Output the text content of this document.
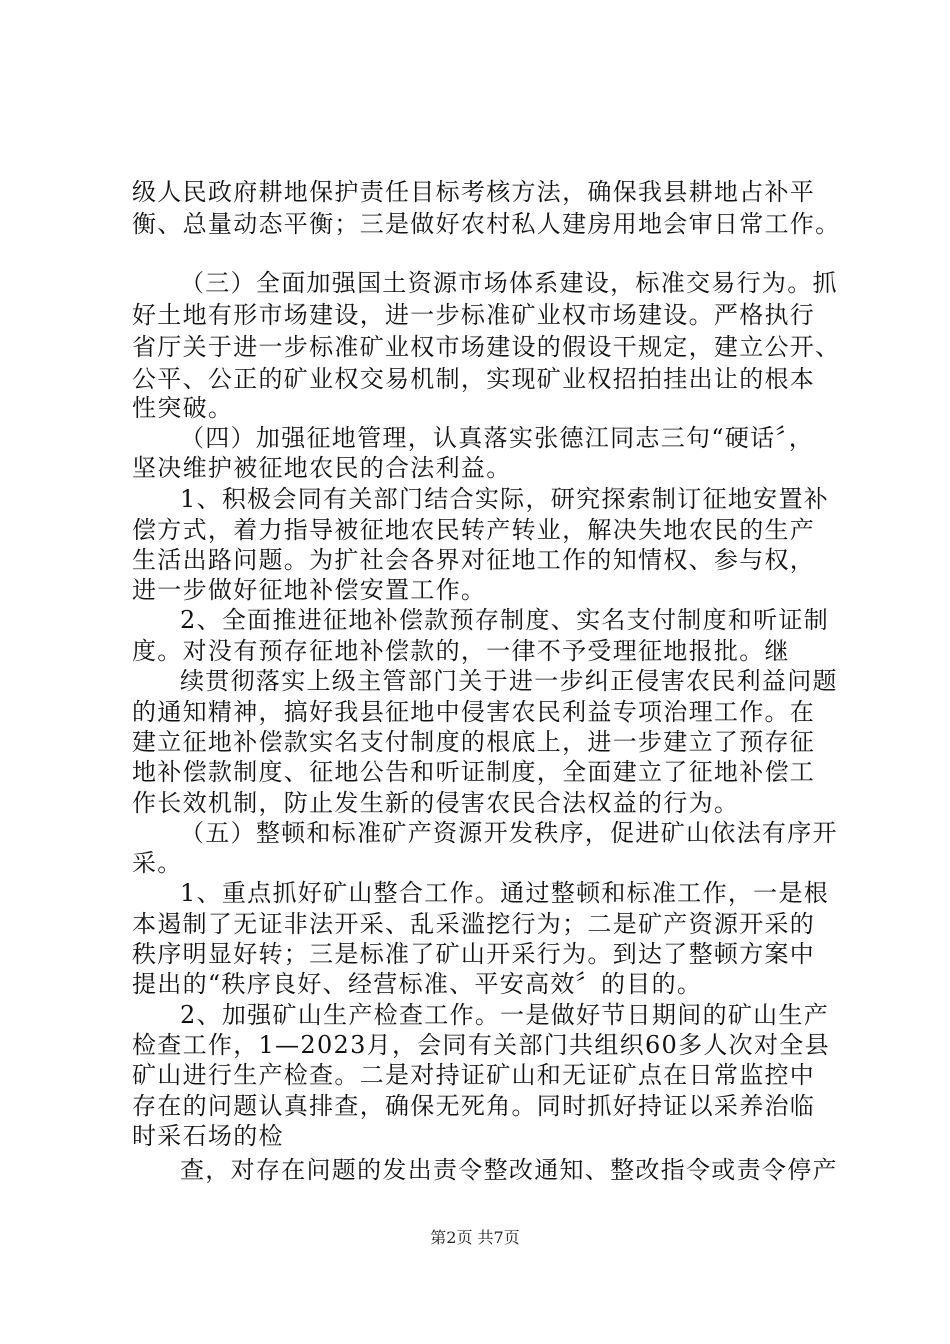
级人民政府耕地保护责任目标考核方法，确保我县耕地占补平
衡、总量动态平衡；三是做好农村私人建房用地会审日常工作。
（三）全面加强国土资源市场体系建设，标准交易行为。抓
好土地有形市场建设，进一步标准矿业权市场建设。严格执行
省厅关于进一步标准矿业权市场建设的假设干规定，建立公开、
公平、公正的矿业权交易机制，实现矿业权招拍挂出让的根本
性突破。
（四）加强征地管理，认真落实张德江同志三句“硬话〞，
坚决维护被征地农民的合法利益。
1、积极会同有关部门结合实际，研究探索制订征地安置补
偿方式，着力指导被征地农民转产转业，解决失地农民的生产
生活出路问题。为扩社会各界对征地工作的知情权、参与权，
进一步做好征地补偿安置工作。
2、全面推进征地补偿款预存制度、实名支付制度和听证制
度。对没有预存征地补偿款的，一律不予受理征地报批。继
续贯彻落实上级主管部门关于进一步纠正侵害农民利益问题
的通知精神，搞好我县征地中侵害农民利益专项治理工作。在
建立征地补偿款实名支付制度的根底上，进一步建立了预存征
地补偿款制度、征地公告和听证制度，全面建立了征地补偿工
作长效机制，防止发生新的侵害农民合法权益的行为。
（五）整顿和标准矿产资源开发秩序，促进矿山依法有序开
采。
1、重点抓好矿山整合工作。通过整顿和标准工作，一是根
本遏制了无证非法开采、乱采滥挖行为；二是矿产资源开采的
秩序明显好转；三是标准了矿山开采行为。到达了整顿方案中
提出的“秩序良好、经营标准、平安高效〞的目的。
2、加强矿山生产检查工作。一是做好节日期间的矿山生产
检查工作，1—2023月，会同有关部门共组织60多人次对全县
矿山进行生产检查。二是对持证矿山和无证矿点在日常监控中
存在的问题认真排查，确保无死角。同时抓好持证以采养治临
时采石场的检
查，对存在问题的发出责令整改通知、整改指令或责令停产
第2页 共7页
